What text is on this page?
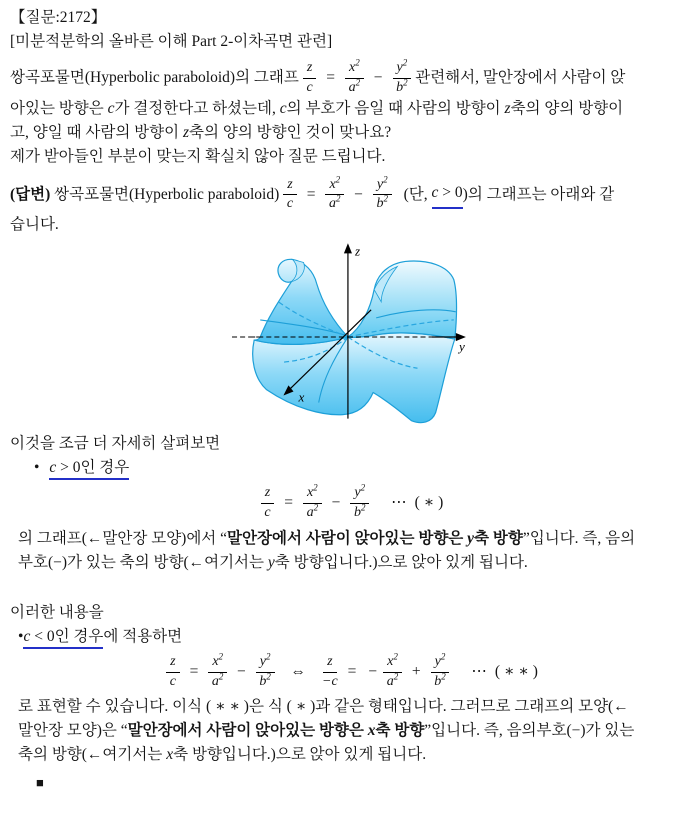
【질문:2172】
[미분적분학의 올바른 이해 Part 2-이차곡면 관련]
쌍곡포물면(Hyperbolic paraboloid)의 그래프 $\frac{z}{c} = \frac{x^2}{a^2} - \frac{y^2}{b^2}$ 관련해서, 말안장에서 사람이 앉
아있는 방향은 c가 결정한다고 하셨는데, c의 부호가 음일 때 사람의 방향이 z축의 양의 방향이
고, 양일 때 사람의 방향이 z축의 양의 방향인 것이 맞나요?
제가 받아들인 부분이 맞는지 확실치 않아 질문 드립니다.
(답변)
쌍곡포물면(Hyperbolic paraboloid) $\frac{z}{c} = \frac{x^2}{a^2} - \frac{y^2}{b^2}$ (단,
c > 0 )의 그래프는 아래와 같
습니다.
z
y
x
이것을 조금 더 자세히 살펴보면
• c > 0인 경우
$\frac{z}{c} = \frac{x^2}{a^2} - \frac{y^2}{b^2}$ ⋯ ( ∗ )
의 그래프(←말안장 모양)에서 “말안장에서 사람이 앉아있는 방향은 y축 방향”입니다. 즉, 음의
부호(−)가 있는 축의 방향(←여기서는 y축 방향입니다.)으로 앉아 있게 됩니다.
이러한 내용을
•c < 0인 경우에 적용하면
$\frac{z}{c} = \frac{x^2}{a^2} - \frac{y^2}{b^2}$ ⇔ $\frac{z}{-c}$ = − $\frac{x^2}{a^2} + \frac{y^2}{b^2}$ ⋯ ( ∗ ∗ )
로 표현할 수 있습니다. 이식 ( ∗ ∗ )은 식 ( ∗ )과 같은 형태입니다. 그러므로 그래프의 모양(←
말안장 모양)은 “말안장에서 사람이 앉아있는 방향은 x축 방향”입니다. 즉, 음의부호(−)가 있는
축의 방향(←여기서는 x축 방향입니다.)으로 앉아 있게 됩니다.
■
